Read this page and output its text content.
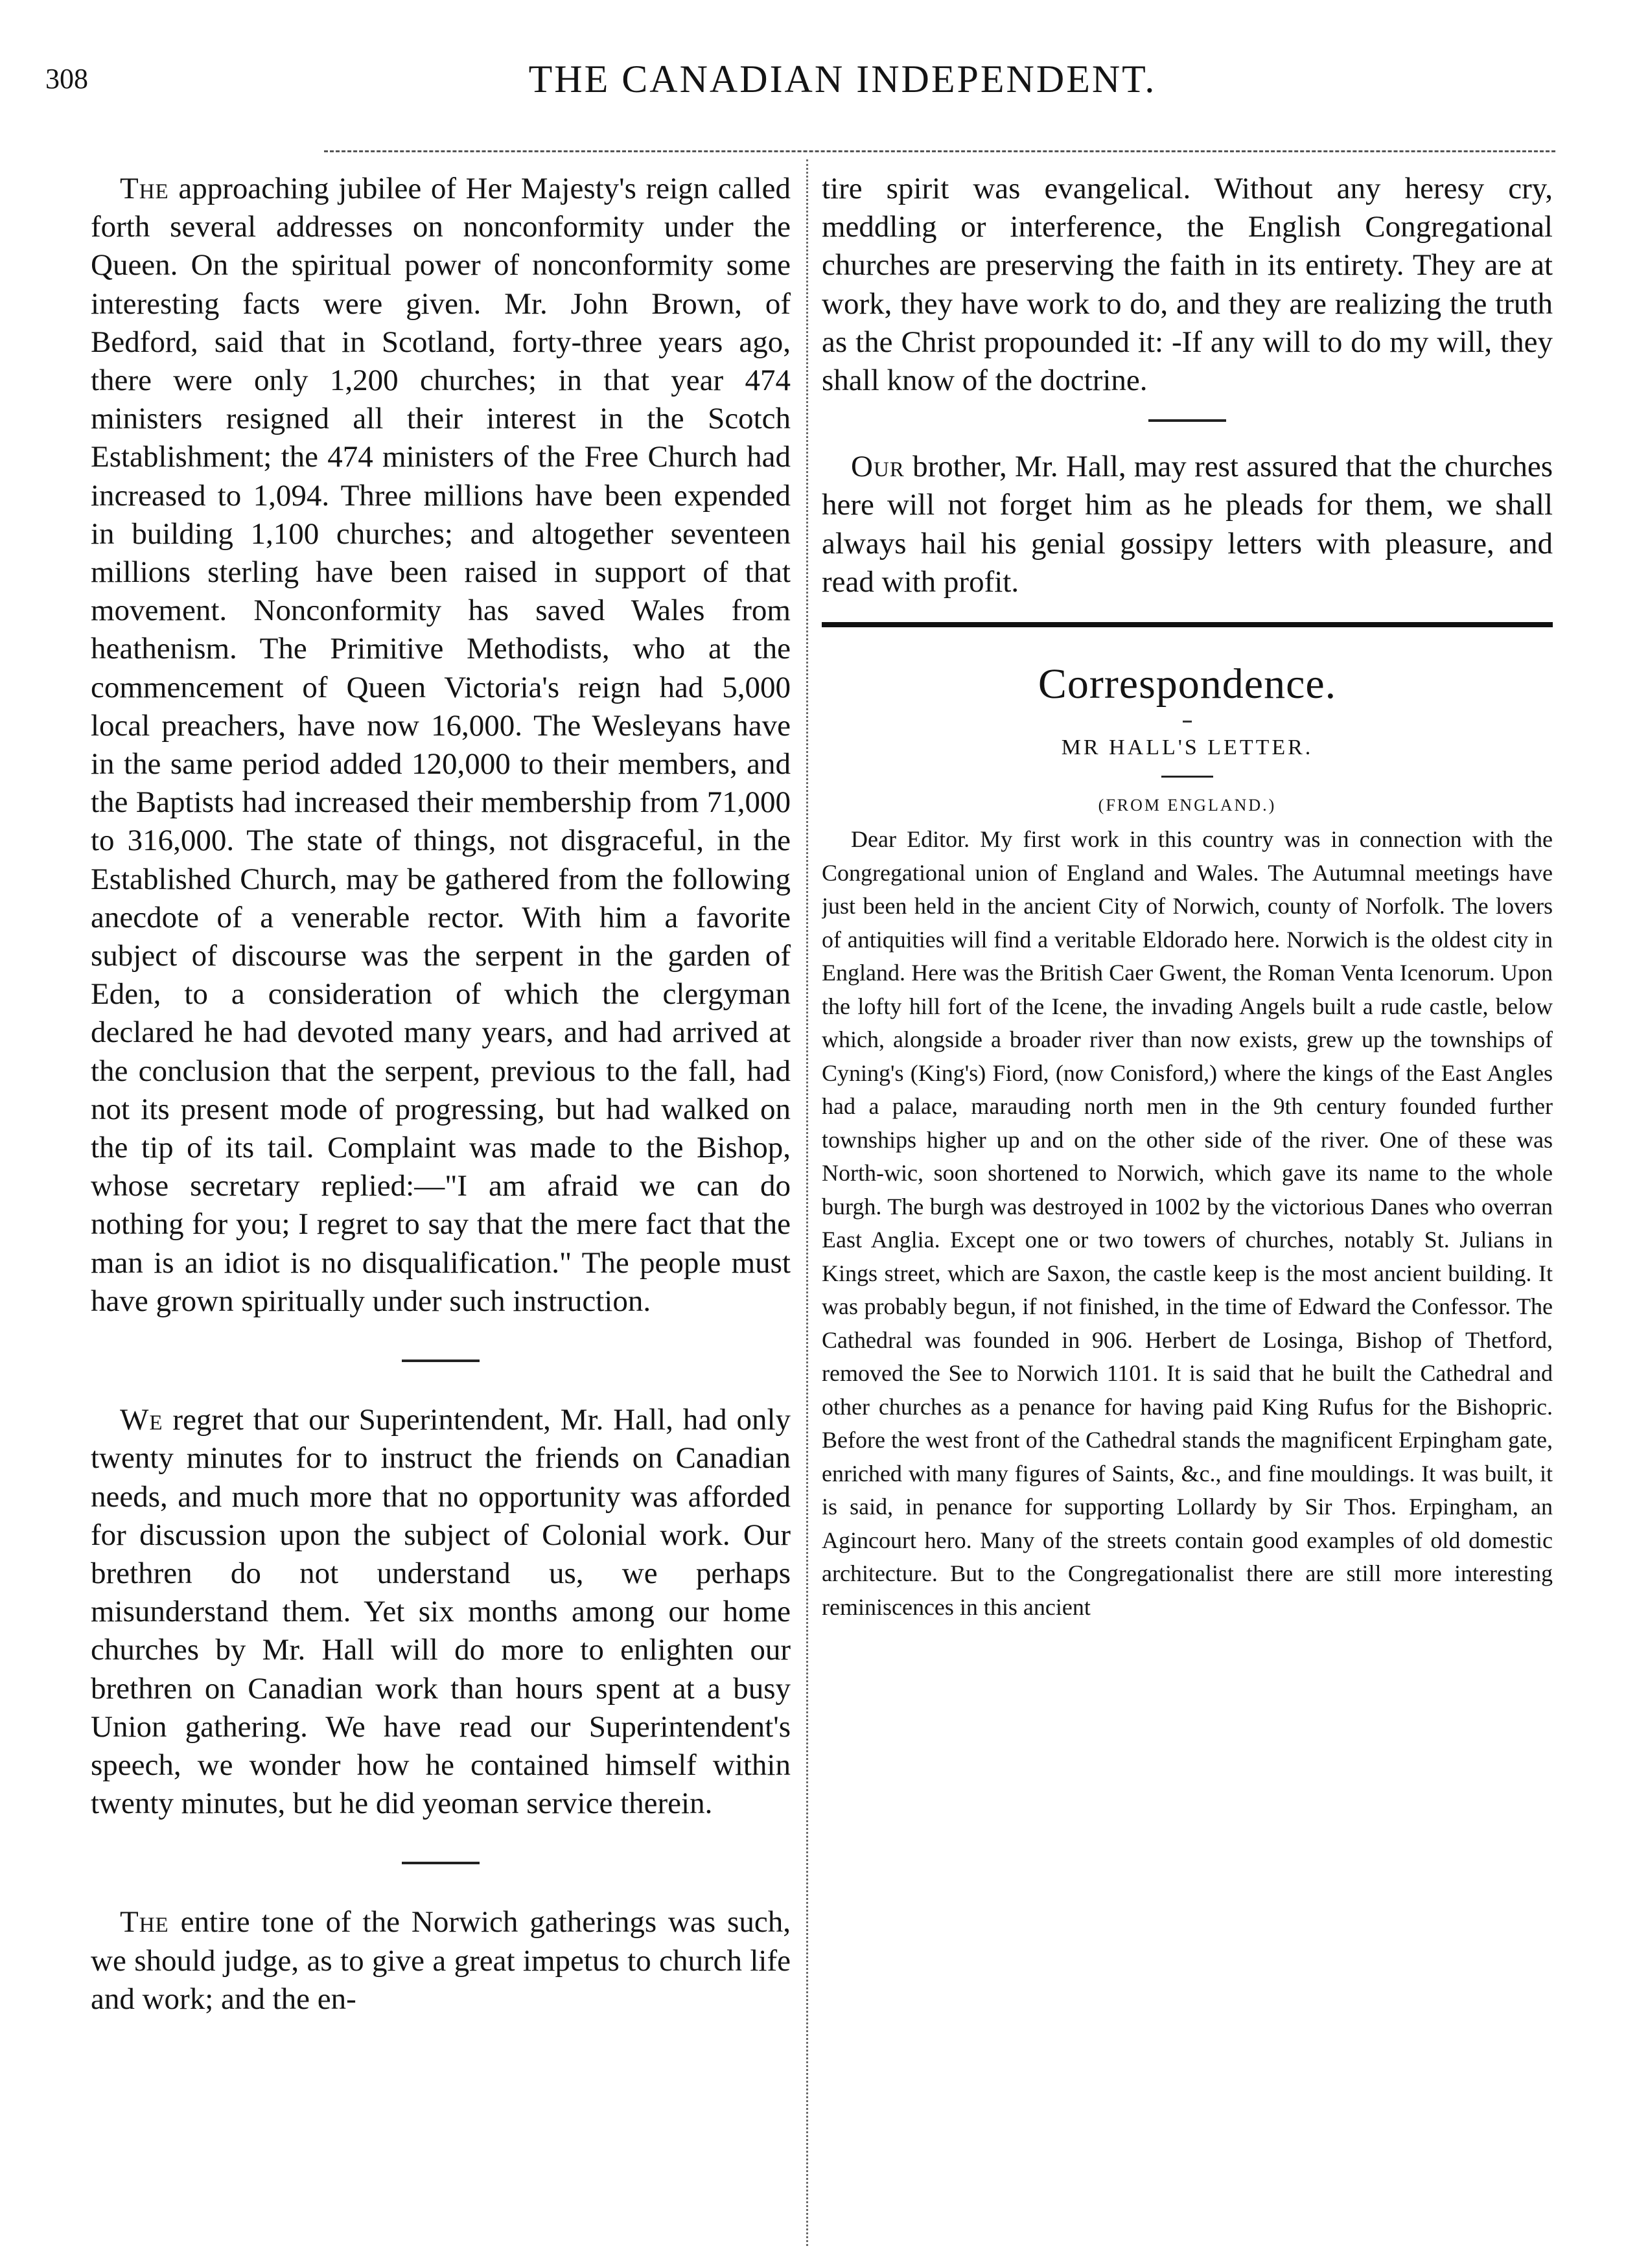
308	THE CANADIAN INDEPENDENT.

The approaching jubilee of Her Majesty's reign called forth several addresses on nonconformity under the Queen. On the spiritual power of nonconformity some interesting facts were given. Mr. John Brown, of Bedford, said that in Scotland, forty-three years ago, there were only 1,200 churches; in that year 474 ministers resigned all their interest in the Scotch Establishment; the 474 ministers of the Free Church had increased to 1,094. Three millions have been expended in building 1,100 churches; and altogether seventeen millions sterling have been raised in support of that movement. Nonconformity has saved Wales from heathenism. The Primitive Methodists, who at the commencement of Queen Victoria's reign had 5,000 local preachers, have now 16,000. The Wesleyans have in the same period added 120,000 to their members, and the Baptists had increased their membership from 71,000 to 316,000. The state of things, not disgraceful, in the Established Church, may be gathered from the following anecdote of a venerable rector. With him a favorite subject of discourse was the serpent in the garden of Eden, to a consideration of which the clergyman declared he had devoted many years, and had arrived at the conclusion that the serpent, previous to the fall, had not its present mode of progressing, but had walked on the tip of its tail. Complaint was made to the Bishop, whose secretary replied:—"I am afraid we can do nothing for you; I regret to say that the mere fact that the man is an idiot is no disqualification." The people must have grown spiritually under such instruction.

We regret that our Superintendent, Mr. Hall, had only twenty minutes for to instruct the friends on Canadian needs, and much more that no opportunity was afforded for discussion upon the subject of Colonial work. Our brethren do not understand us, we perhaps misunderstand them. Yet six months among our home churches by Mr. Hall will do more to enlighten our brethren on Canadian work than hours spent at a busy Union gathering. We have read our Superintendent's speech, we wonder how he contained himself within twenty minutes, but he did yeoman service therein.

The entire tone of the Norwich gatherings was such, we should judge, as to give a great impetus to church life and work; and the en-

tire spirit was evangelical. Without any heresy cry, meddling or interference, the English Congregational churches are preserving the faith in its entirety. They are at work, they have work to do, and they are realizing the truth as the Christ propounded it: -If any will to do my will, they shall know of the doctrine.

Our brother, Mr. Hall, may rest assured that the churches here will not forget him as he pleads for them, we shall always hail his genial gossipy letters with pleasure, and read with profit.

Correspondence.
MR HALL'S LETTER.
(FROM ENGLAND.)

Dear Editor. My first work in this country was in connection with the Congregational union of England and Wales. The Autumnal meetings have just been held in the ancient City of Norwich, county of Norfolk. The lovers of antiquities will find a veritable Eldorado here. Norwich is the oldest city in England. Here was the British Caer Gwent, the Roman Venta Icenorum. Upon the lofty hill fort of the Icene, the invading Angels built a rude castle, below which, alongside a broader river than now exists, grew up the townships of Cyning's (King's) Fiord, (now Conisford,) where the kings of the East Angles had a palace, marauding north men in the 9th century founded further townships higher up and on the other side of the river. One of these was North-wic, soon shortened to Norwich, which gave its name to the whole burgh. The burgh was destroyed in 1002 by the victorious Danes who overran East Anglia. Except one or two towers of churches, notably St. Julians in Kings street, which are Saxon, the castle keep is the most ancient building. It was probably begun, if not finished, in the time of Edward the Confessor. The Cathedral was founded in 906. Herbert de Losinga, Bishop of Thetford, removed the See to Norwich 1101. It is said that he built the Cathedral and other churches as a penance for having paid King Rufus for the Bishopric. Before the west front of the Cathedral stands the magnificent Erpingham gate, enriched with many figures of Saints, &c., and fine mouldings. It was built, it is said, in penance for supporting Lollardy by Sir Thos. Erpingham, an Agincourt hero. Many of the streets contain good examples of old domestic architecture. But to the Congregationalist there are still more interesting reminiscences in this ancient
